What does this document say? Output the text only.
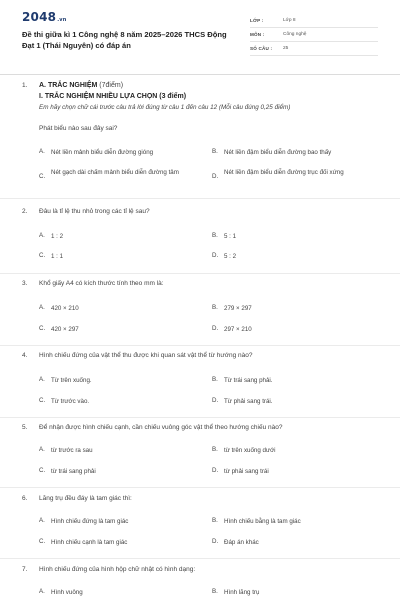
2048.vn
Đề thi giữa kì 1 Công nghệ 8 năm 2025–2026 THCS Động Đạt 1 (Thái Nguyên) có đáp án
LỚP :	Lớp 8
MÔN :	Công nghệ
SỐ CÂU :	25
1. A. TRẮC NGHIỆM (7điểm)
I. TRẮC NGHIỆM NHIỀU LỰA CHỌN (3 điểm)
Em hãy chọn chữ cái trước câu trả lời đúng từ câu 1 đến câu 12 (Mỗi câu đúng 0,25 điểm)
Phát biểu nào sau đây sai?
A. Nét liền mảnh biểu diễn đường gióng	B. Nét liền đậm biểu diễn đường bao thấy
C. Nét gạch dài chấm mảnh biểu diễn đường tâm	D. Nét liền đậm biểu diễn đường trục đối xứng
2. Đâu là tỉ lệ thu nhỏ trong các tỉ lệ sau?
A. 1 : 2	B. 5 : 1
C. 1 : 1	D. 5 : 2
3. Khổ giấy A4 có kích thước tính theo mm là:
A. 420 × 210	B. 279 × 297
C. 420 × 297	D. 297 × 210
4. Hình chiếu đứng của vật thể thu được khi quan sát vật thể từ hướng nào?
A. Từ trên xuống.	B. Từ trái sang phải.
C. Từ trước vào.	D. Từ phải sang trái.
5. Để nhận được hình chiếu cạnh, cần chiếu vuông góc vật thể theo hướng chiếu nào?
A. từ trước ra sau	B. từ trên xuống dưới
C. từ trái sang phải	D. từ phải sang trái
6. Lăng trụ đều đáy là tam giác thì:
A. Hình chiếu đứng là tam giác	B. Hình chiếu bằng là tam giác
C. Hình chiếu cạnh là tam giác	D. Đáp án khác
7. Hình chiếu đứng của hình hộp chữ nhật có hình dạng:
A. Hình vuông	B. Hình lăng trụ
